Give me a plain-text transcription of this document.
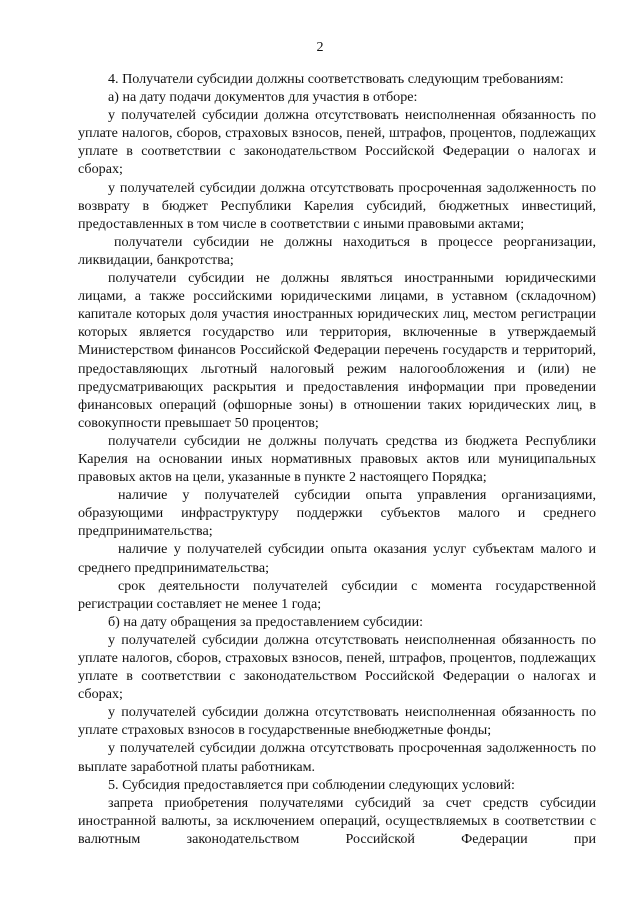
2

4. Получатели субсидии должны соответствовать следующим требованиям:

а) на дату подачи документов для участия в отборе:

у получателей субсидии должна отсутствовать неисполненная обязанность по уплате налогов, сборов, страховых взносов, пеней, штрафов, процентов, подлежащих уплате в соответствии с законодательством Российской Федерации о налогах и сборах;

у получателей субсидии должна отсутствовать просроченная задолженность по возврату в бюджет Республики Карелия субсидий, бюджетных инвестиций, предоставленных в том числе в соответствии с иными правовыми актами;

получатели субсидии не должны находиться в процессе реорганизации, ликвидации, банкротства;

получатели субсидии не должны являться иностранными юридическими лицами, а также российскими юридическими лицами, в уставном (складочном) капитале которых доля участия иностранных юридических лиц, местом регистрации которых является государство или территория, включенные в утверждаемый Министерством финансов Российской Федерации перечень государств и территорий, предоставляющих льготный налоговый режим налогообложения и (или) не предусматривающих раскрытия и предоставления информации при проведении финансовых операций (офшорные зоны) в отношении таких юридических лиц, в совокупности превышает 50 процентов;

получатели субсидии не должны получать средства из бюджета Республики Карелия на основании иных нормативных правовых актов или муниципальных правовых актов на цели, указанные в пункте 2 настоящего Порядка;

наличие у получателей субсидии опыта управления организациями, образующими инфраструктуру поддержки субъектов малого и среднего предпринимательства;

наличие у получателей субсидии опыта оказания услуг субъектам малого и среднего предпринимательства;

срок деятельности получателей субсидии с момента государственной регистрации составляет не менее 1 года;

б) на дату обращения за предоставлением субсидии:

у получателей субсидии должна отсутствовать неисполненная обязанность по уплате налогов, сборов, страховых взносов, пеней, штрафов, процентов, подлежащих уплате в соответствии с законодательством Российской Федерации о налогах и сборах;

у получателей субсидии должна отсутствовать неисполненная обязанность по уплате страховых взносов в государственные внебюджетные фонды;

у получателей субсидии должна отсутствовать просроченная задолженность по выплате заработной платы работникам.

5. Субсидия предоставляется при соблюдении следующих условий:

запрета приобретения получателями субсидий за счет средств субсидии иностранной валюты, за исключением операций, осуществляемых в соответствии с валютным законодательством Российской Федерации при
